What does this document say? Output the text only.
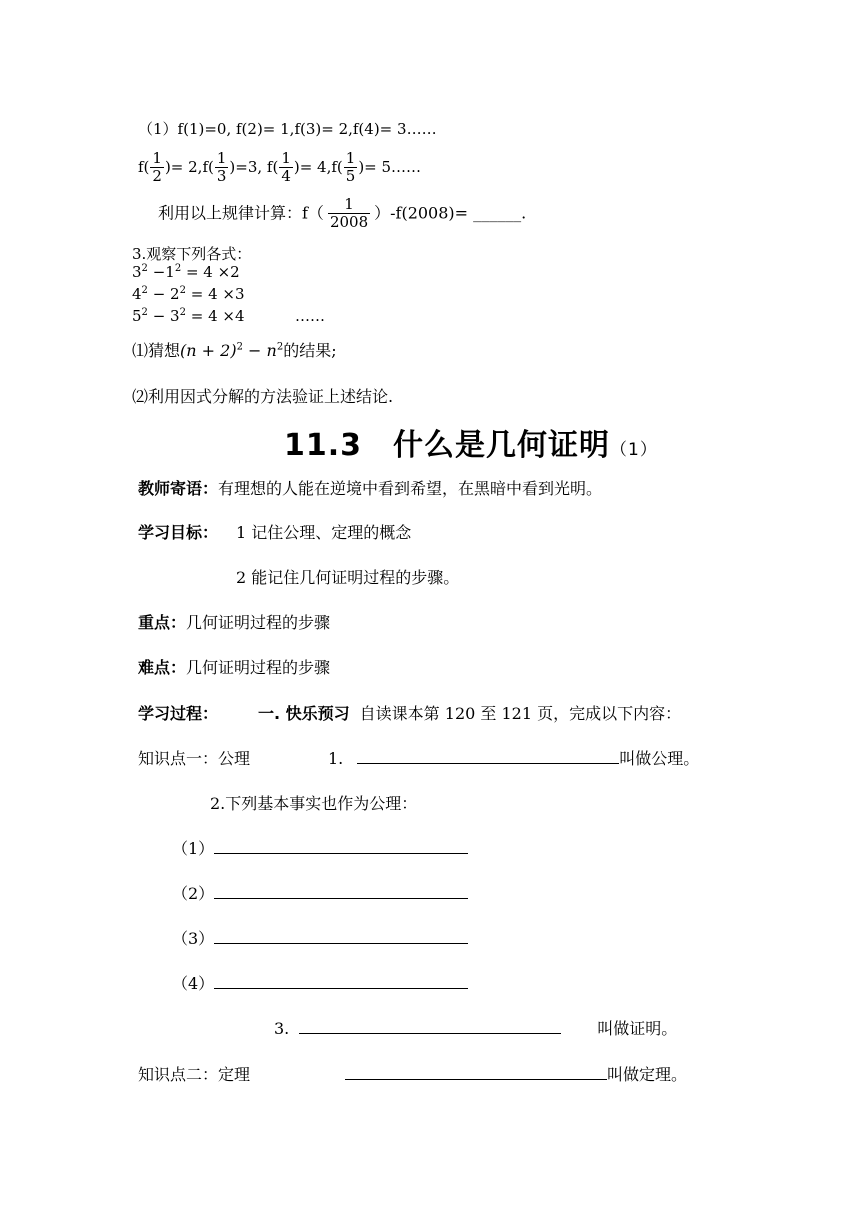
（1）f(1)=0, f(2)= 1,f(3)= 2,f(4)= 3……
$f( \frac{1}{2}$ )= $2,f( \frac{1}{3} )=3$, $f( \frac{1}{4}$ )= $4,f( \frac{1}{5}$ )= 5……
利用以上规律计算：$f( \frac{1}{2008} )-f(2008)=$ ______.
3.观察下列各式：
$3^2 -1^2 = 4 \times 2$
$4^2 - 2^2 = 4 \times 3$
$5^2 - 3^2 = 4 \times 4$	……
⑴猜想$(n + 2)^2 - n^2$的结果;
⑵利用因式分解的方法验证上述结论.
11.3　什么是几何证明（1）
教师寄语：有理想的人能在逆境中看到希望，在黑暗中看到光明。
学习目标： 1 记住公理、定理的概念
2 能记住几何证明过程的步骤。
重点：几何证明过程的步骤
难点：几何证明过程的步骤
学习过程：	一. 快乐预习 自读课本第 120 至 121 页，完成以下内容：
知识点一：公理	1.	叫做公理。
2.下列基本事实也作为公理：
（1）
（2）
（3）
（4）
3.	叫做证明。
知识点二：定理	叫做定理。
